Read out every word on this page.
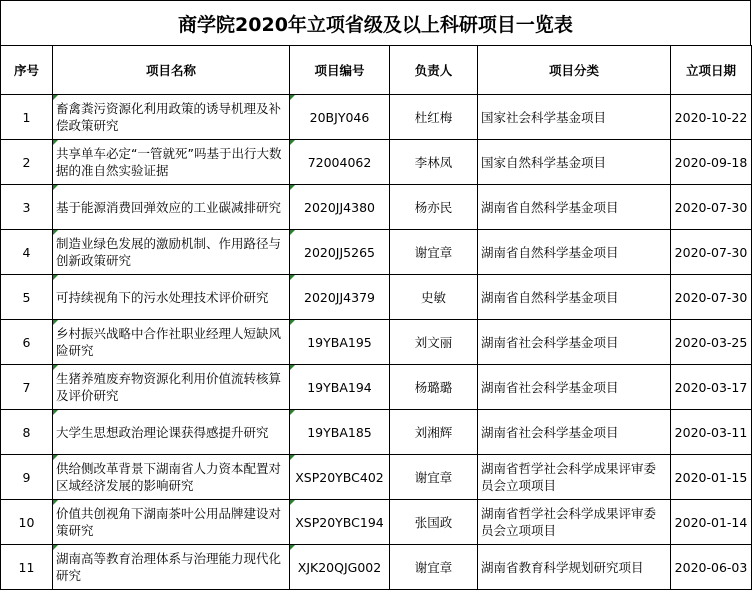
商学院2020年立项省级及以上科研项目一览表
序号	项目名称	项目编号	负责人	项目分类	立项日期
1	畜禽粪污资源化利用政策的诱导机理及补偿政策研究	20BJY046	杜红梅	国家社会科学基金项目	2020-10-22
2	共享单车必定“一管就死”吗基于出行大数据的准自然实验证据	72004062	李林凤	国家自然科学基金项目	2020-09-18
3	基于能源消费回弹效应的工业碳减排研究	2020JJ4380	杨亦民	湖南省自然科学基金项目	2020-07-30
4	制造业绿色发展的激励机制、作用路径与创新政策研究	2020JJ5265	谢宜章	湖南省自然科学基金项目	2020-07-30
5	可持续视角下的污水处理技术评价研究	2020JJ4379	史敏	湖南省自然科学基金项目	2020-07-30
6	乡村振兴战略中合作社职业经理人短缺风险研究	19YBA195	刘文丽	湖南省社会科学基金项目	2020-03-25
7	生猪养殖废弃物资源化利用价值流转核算及评价研究	19YBA194	杨璐璐	湖南省社会科学基金项目	2020-03-17
8	大学生思想政治理论课获得感提升研究	19YBA185	刘湘辉	湖南省社会科学基金项目	2020-03-11
9	供给侧改革背景下湖南省人力资本配置对区域经济发展的影响研究	XSP20YBC402	谢宜章	湖南省哲学社会科学成果评审委员会立项项目	2020-01-15
10	价值共创视角下湖南茶叶公用品牌建设对策研究	XSP20YBC194	张国政	湖南省哲学社会科学成果评审委员会立项项目	2020-01-14
11	湖南高等教育治理体系与治理能力现代化研究	XJK20QJG002	谢宜章	湖南省教育科学规划研究项目	2020-06-03
